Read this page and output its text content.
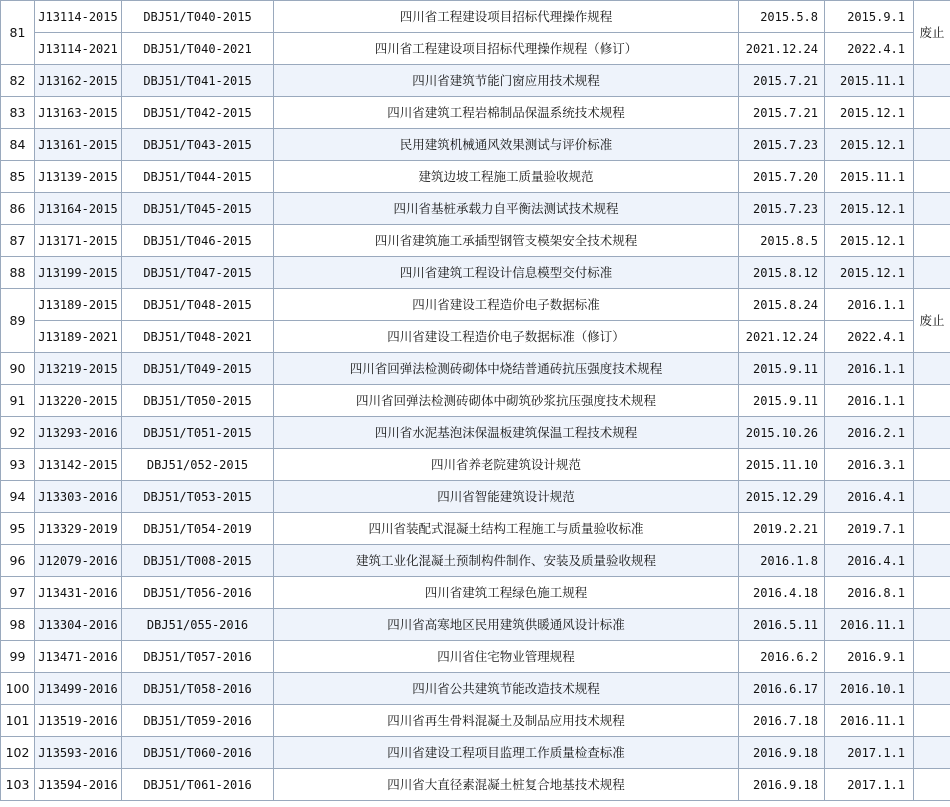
81	J13114-2015	DBJ51/T040-2015	四川省工程建设项目招标代理操作规程	2015.5.8	2015.9.1	废止
	J13114-2021	DBJ51/T040-2021	四川省工程建设项目招标代理操作规程（修订）	2021.12.24	2022.4.1	
82	J13162-2015	DBJ51/T041-2015	四川省建筑节能门窗应用技术规程	2015.7.21	2015.11.1	
83	J13163-2015	DBJ51/T042-2015	四川省建筑工程岩棉制品保温系统技术规程	2015.7.21	2015.12.1	
84	J13161-2015	DBJ51/T043-2015	民用建筑机械通风效果测试与评价标准	2015.7.23	2015.12.1	
85	J13139-2015	DBJ51/T044-2015	建筑边坡工程施工质量验收规范	2015.7.20	2015.11.1	
86	J13164-2015	DBJ51/T045-2015	四川省基桩承载力自平衡法测试技术规程	2015.7.23	2015.12.1	
87	J13171-2015	DBJ51/T046-2015	四川省建筑施工承插型钢管支模架安全技术规程	2015.8.5	2015.12.1	
88	J13199-2015	DBJ51/T047-2015	四川省建筑工程设计信息模型交付标准	2015.8.12	2015.12.1	
89	J13189-2015	DBJ51/T048-2015	四川省建设工程造价电子数据标准	2015.8.24	2016.1.1	废止
	J13189-2021	DBJ51/T048-2021	四川省建设工程造价电子数据标准（修订）	2021.12.24	2022.4.1	
90	J13219-2015	DBJ51/T049-2015	四川省回弹法检测砖砌体中烧结普通砖抗压强度技术规程	2015.9.11	2016.1.1	
91	J13220-2015	DBJ51/T050-2015	四川省回弹法检测砖砌体中砌筑砂浆抗压强度技术规程	2015.9.11	2016.1.1	
92	J13293-2016	DBJ51/T051-2015	四川省水泥基泡沫保温板建筑保温工程技术规程	2015.10.26	2016.2.1	
93	J13142-2015	DBJ51/052-2015	四川省养老院建筑设计规范	2015.11.10	2016.3.1	
94	J13303-2016	DBJ51/T053-2015	四川省智能建筑设计规范	2015.12.29	2016.4.1	
95	J13329-2019	DBJ51/T054-2019	四川省装配式混凝土结构工程施工与质量验收标准	2019.2.21	2019.7.1	
96	J12079-2016	DBJ51/T008-2015	建筑工业化混凝土预制构件制作、安装及质量验收规程	2016.1.8	2016.4.1	
97	J13431-2016	DBJ51/T056-2016	四川省建筑工程绿色施工规程	2016.4.18	2016.8.1	
98	J13304-2016	DBJ51/055-2016	四川省高寒地区民用建筑供暖通风设计标准	2016.5.11	2016.11.1	
99	J13471-2016	DBJ51/T057-2016	四川省住宅物业管理规程	2016.6.2	2016.9.1	
100	J13499-2016	DBJ51/T058-2016	四川省公共建筑节能改造技术规程	2016.6.17	2016.10.1	
101	J13519-2016	DBJ51/T059-2016	四川省再生骨料混凝土及制品应用技术规程	2016.7.18	2016.11.1	
102	J13593-2016	DBJ51/T060-2016	四川省建设工程项目监理工作质量检查标准	2016.9.18	2017.1.1	
103	J13594-2016	DBJ51/T061-2016	四川省大直径素混凝土桩复合地基技术规程	2016.9.18	2017.1.1	
